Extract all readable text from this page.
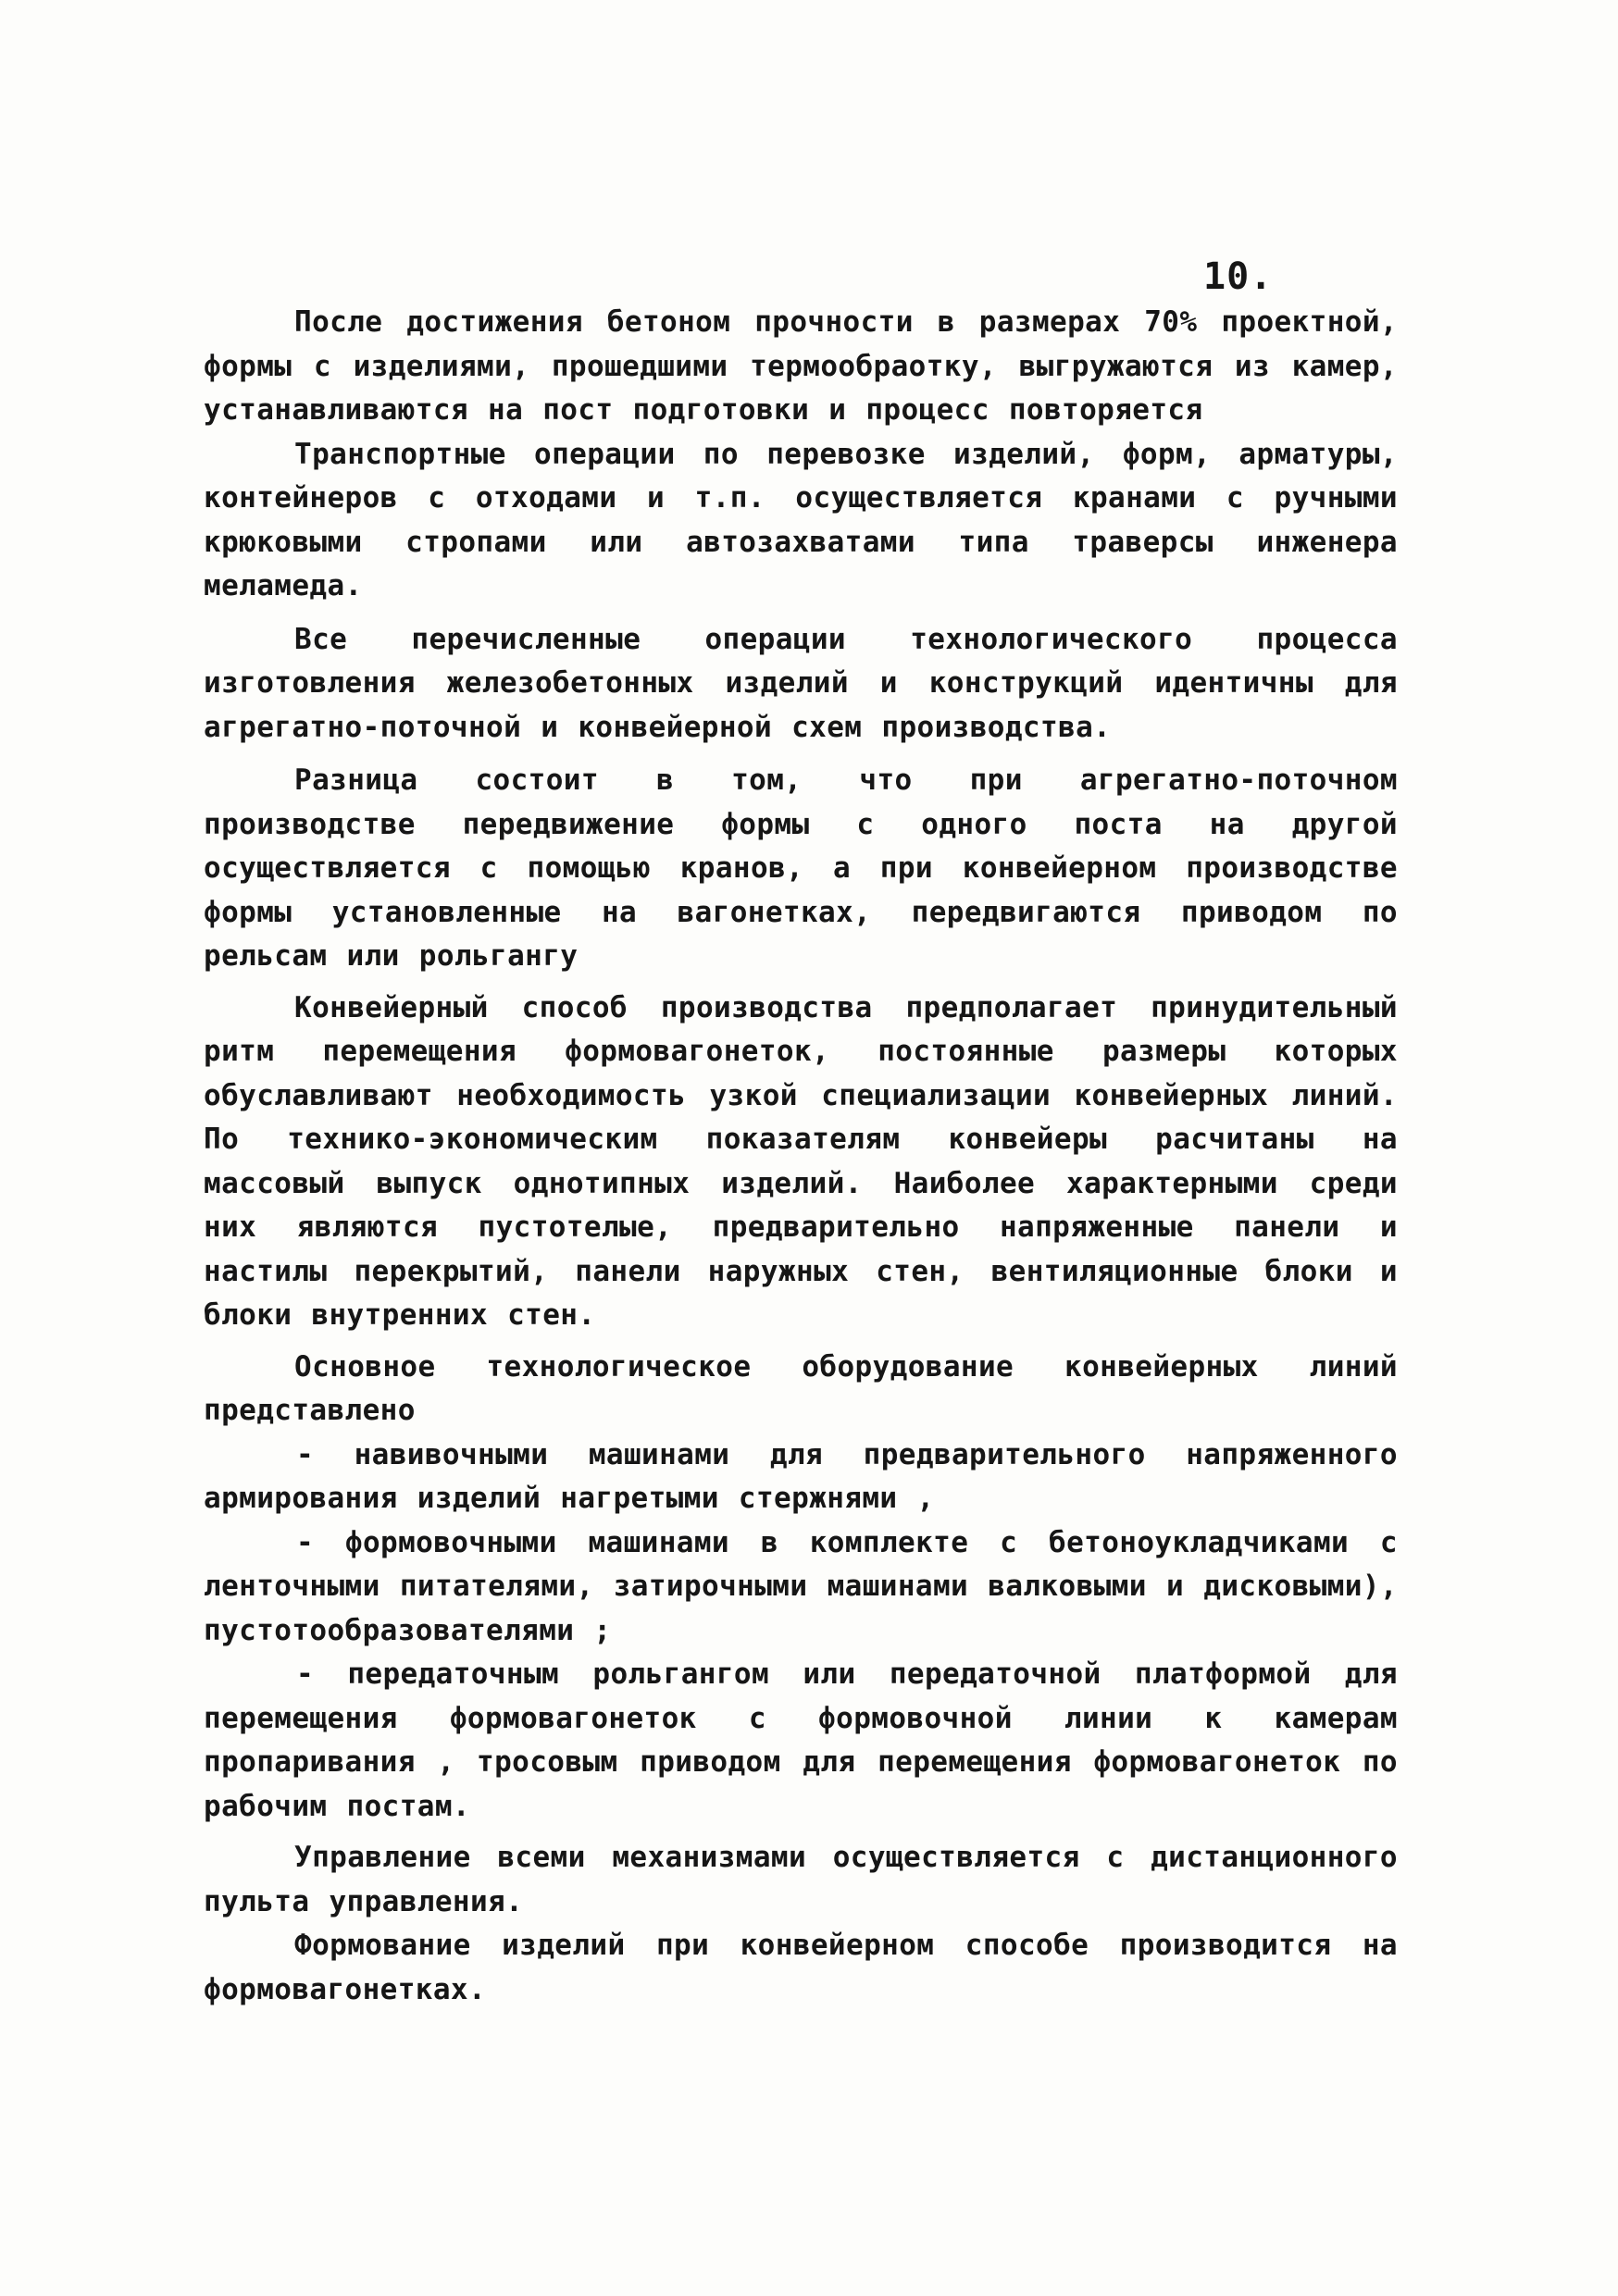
10.

После достижения бетоном прочности в размерах 70% проектной, формы с изделиями, прошедшими термообраотку, выгружаются из камер, устанавливаются на пост подготовки и процесс повторяется

Транспортные операции по перевозке изделий, форм, арматуры, контейнеров с отходами и т.п. осуществляется кранами с ручными крюковыми стропами или автозахватами типа траверсы инженера меламеда.

Все перечисленные операции технологического процесса изготовления железобетонных изделий и конструкций идентичны для агрегатно-поточной и конвейерной схем производства.

Разница состоит в том, что при агрегатно-поточном производстве передвижение формы с одного поста на другой осуществляется с помощью кранов, а при конвейерном производстве формы установленные на вагонетках, передвигаются приводом по рельсам или рольгангу

Конвейерный способ производства предполагает принудительный ритм перемещения формовагонеток, постоянные размеры которых обуславливают необходимость узкой специализации конвейерных линий. По технико-экономическим показателям конвейеры расчитаны на массовый выпуск однотипных изделий. Наиболее характерными среди них являются пустотелые, предварительно напряженные панели и настилы перекрытий, панели наружных стен, вентиляционные блоки и блоки внутренних стен.

Основное технологическое оборудование конвейерных линий представлено

- навивочными машинами для предварительного напряженного армирования изделий нагретыми стержнями ,

- формовочными машинами в комплекте с бетоноукладчиками с ленточными питателями, затирочными машинами валковыми и дисковыми), пустотообразователями ;

- передаточным рольгангом или передаточной платформой для перемещения формовагонеток с формовочной линии к камерам пропаривания , тросовым приводом для перемещения формовагонеток по рабочим постам.

Управление всеми механизмами осуществляется с дистанционного пульта управления.

Формование изделий при конвейерном способе производится на формовагонетках.
